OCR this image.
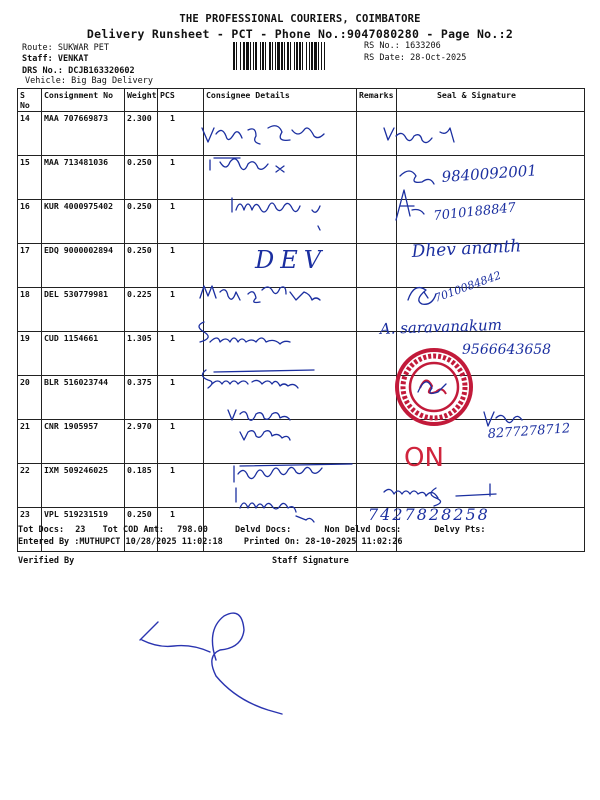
THE PROFESSIONAL COURIERS, COIMBATORE
Delivery Runsheet - PCT - Phone No.:9047080280 - Page No.:2
Route: SUKWAR PET
Staff: VENKAT
DRS No.: DCJB163320602
Vehicle: Big Bag Delivery
RS No.: 1633206
RS Date: 28-Oct-2025
S No	Consignment No	Weight	PCS	Consignee Details	Remarks	Seal & Signature
14	MAA 707669873	2.300	1			
15	MAA 713481036	0.250	1			
16	KUR 4000975402	0.250	1			
17	EDQ 9000002894	0.250	1			
18	DEL 530779981	0.225	1			
19	CUD 1154661	1.305	1			
20	BLR 516023744	0.375	1			
21	CNR 1905957	2.970	1			
22	IXM 509246025	0.185	1			
23	VPL 519231519	0.250	1			
Tot Docs: 23 Tot COD Amt: 798.00	Delvd Docs:	Non Delvd Docs:	Delvy Pts:
Entered By :MUTHUPCT 10/28/2025 11:02:18 Printed On: 28-10-2025 11:02:26
Verified By	Staff Signature
9840092001
7010188847
DEV	Dhev ananth
7010084842
A. saravanakum
9566643658
8277278712
ON
7427828258
